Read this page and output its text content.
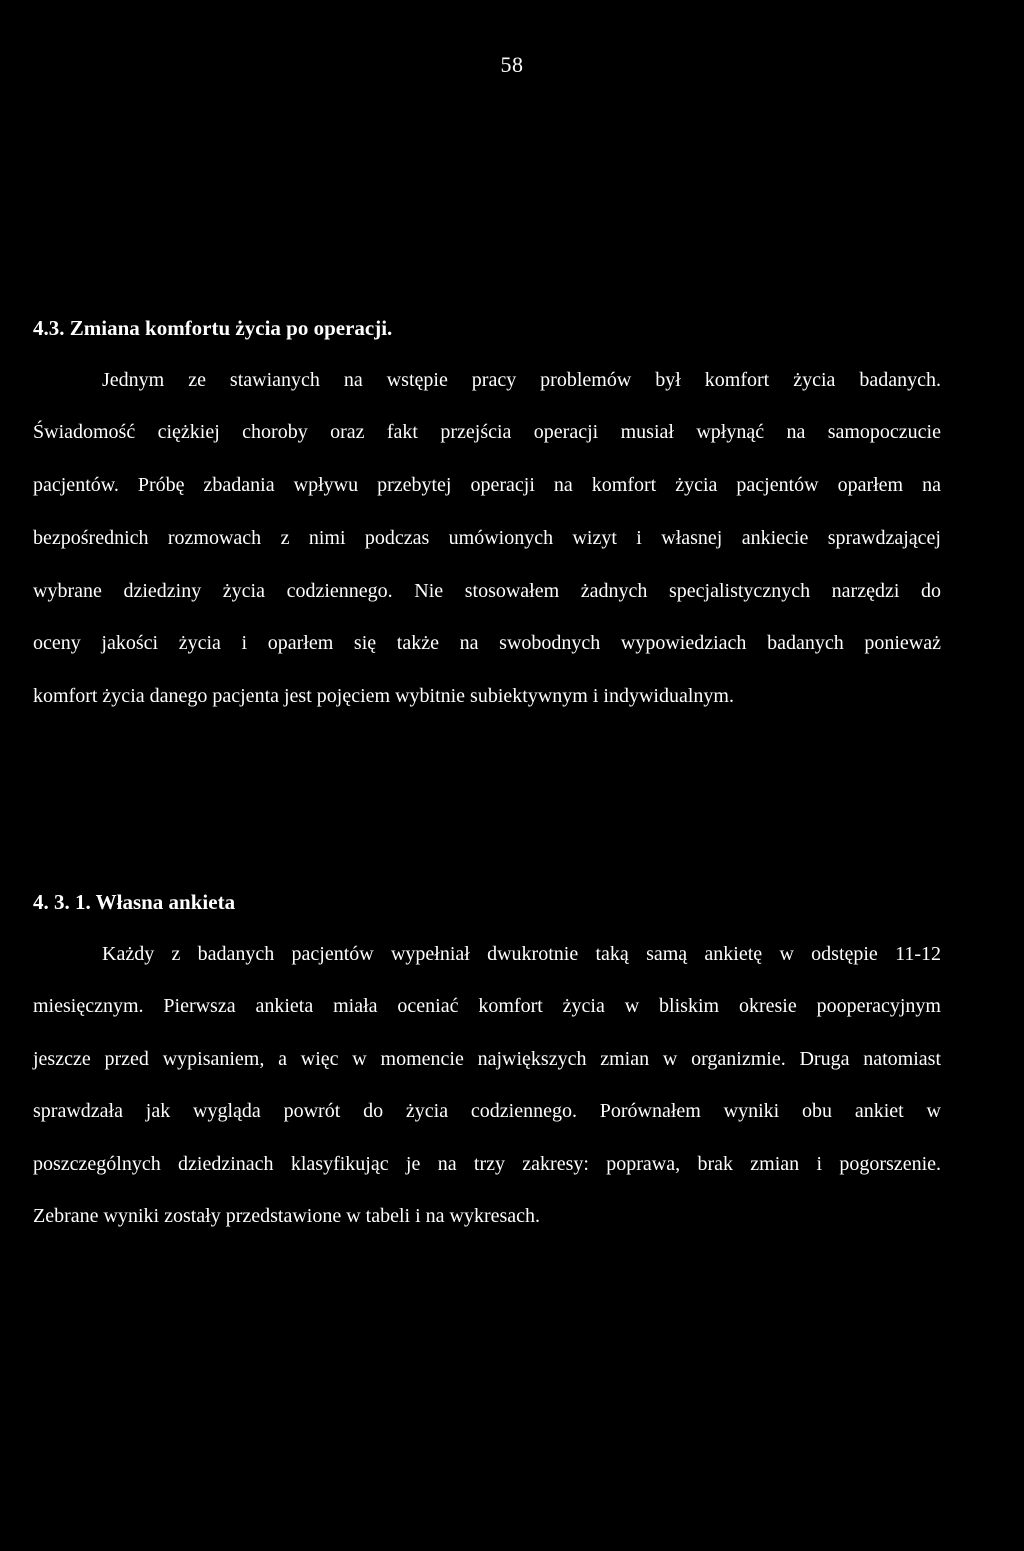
58
4.3. Zmiana komfortu życia po operacji.
Jednym ze stawianych na wstępie pracy problemów był komfort życia badanych.
Świadomość ciężkiej choroby oraz fakt przejścia operacji musiał wpłynąć na samopoczucie
pacjentów. Próbę zbadania wpływu przebytej operacji na komfort życia pacjentów oparłem na
bezpośrednich rozmowach z nimi podczas umówionych wizyt i własnej ankiecie sprawdzającej
wybrane dziedziny życia codziennego. Nie stosowałem żadnych specjalistycznych narzędzi do
oceny jakości życia i oparłem się także na swobodnych wypowiedziach badanych ponieważ
komfort życia danego pacjenta jest pojęciem wybitnie subiektywnym i indywidualnym.
4. 3. 1. Własna ankieta
Każdy z badanych pacjentów wypełniał dwukrotnie taką samą ankietę w odstępie 11-12
miesięcznym. Pierwsza ankieta miała oceniać komfort życia w bliskim okresie pooperacyjnym
jeszcze przed wypisaniem, a więc w momencie największych zmian w organizmie. Druga natomiast
sprawdzała jak wygląda powrót do życia codziennego. Porównałem wyniki obu ankiet w
poszczególnych dziedzinach klasyfikując je na trzy zakresy: poprawa, brak zmian i pogorszenie.
Zebrane wyniki zostały przedstawione w tabeli i na wykresach.
